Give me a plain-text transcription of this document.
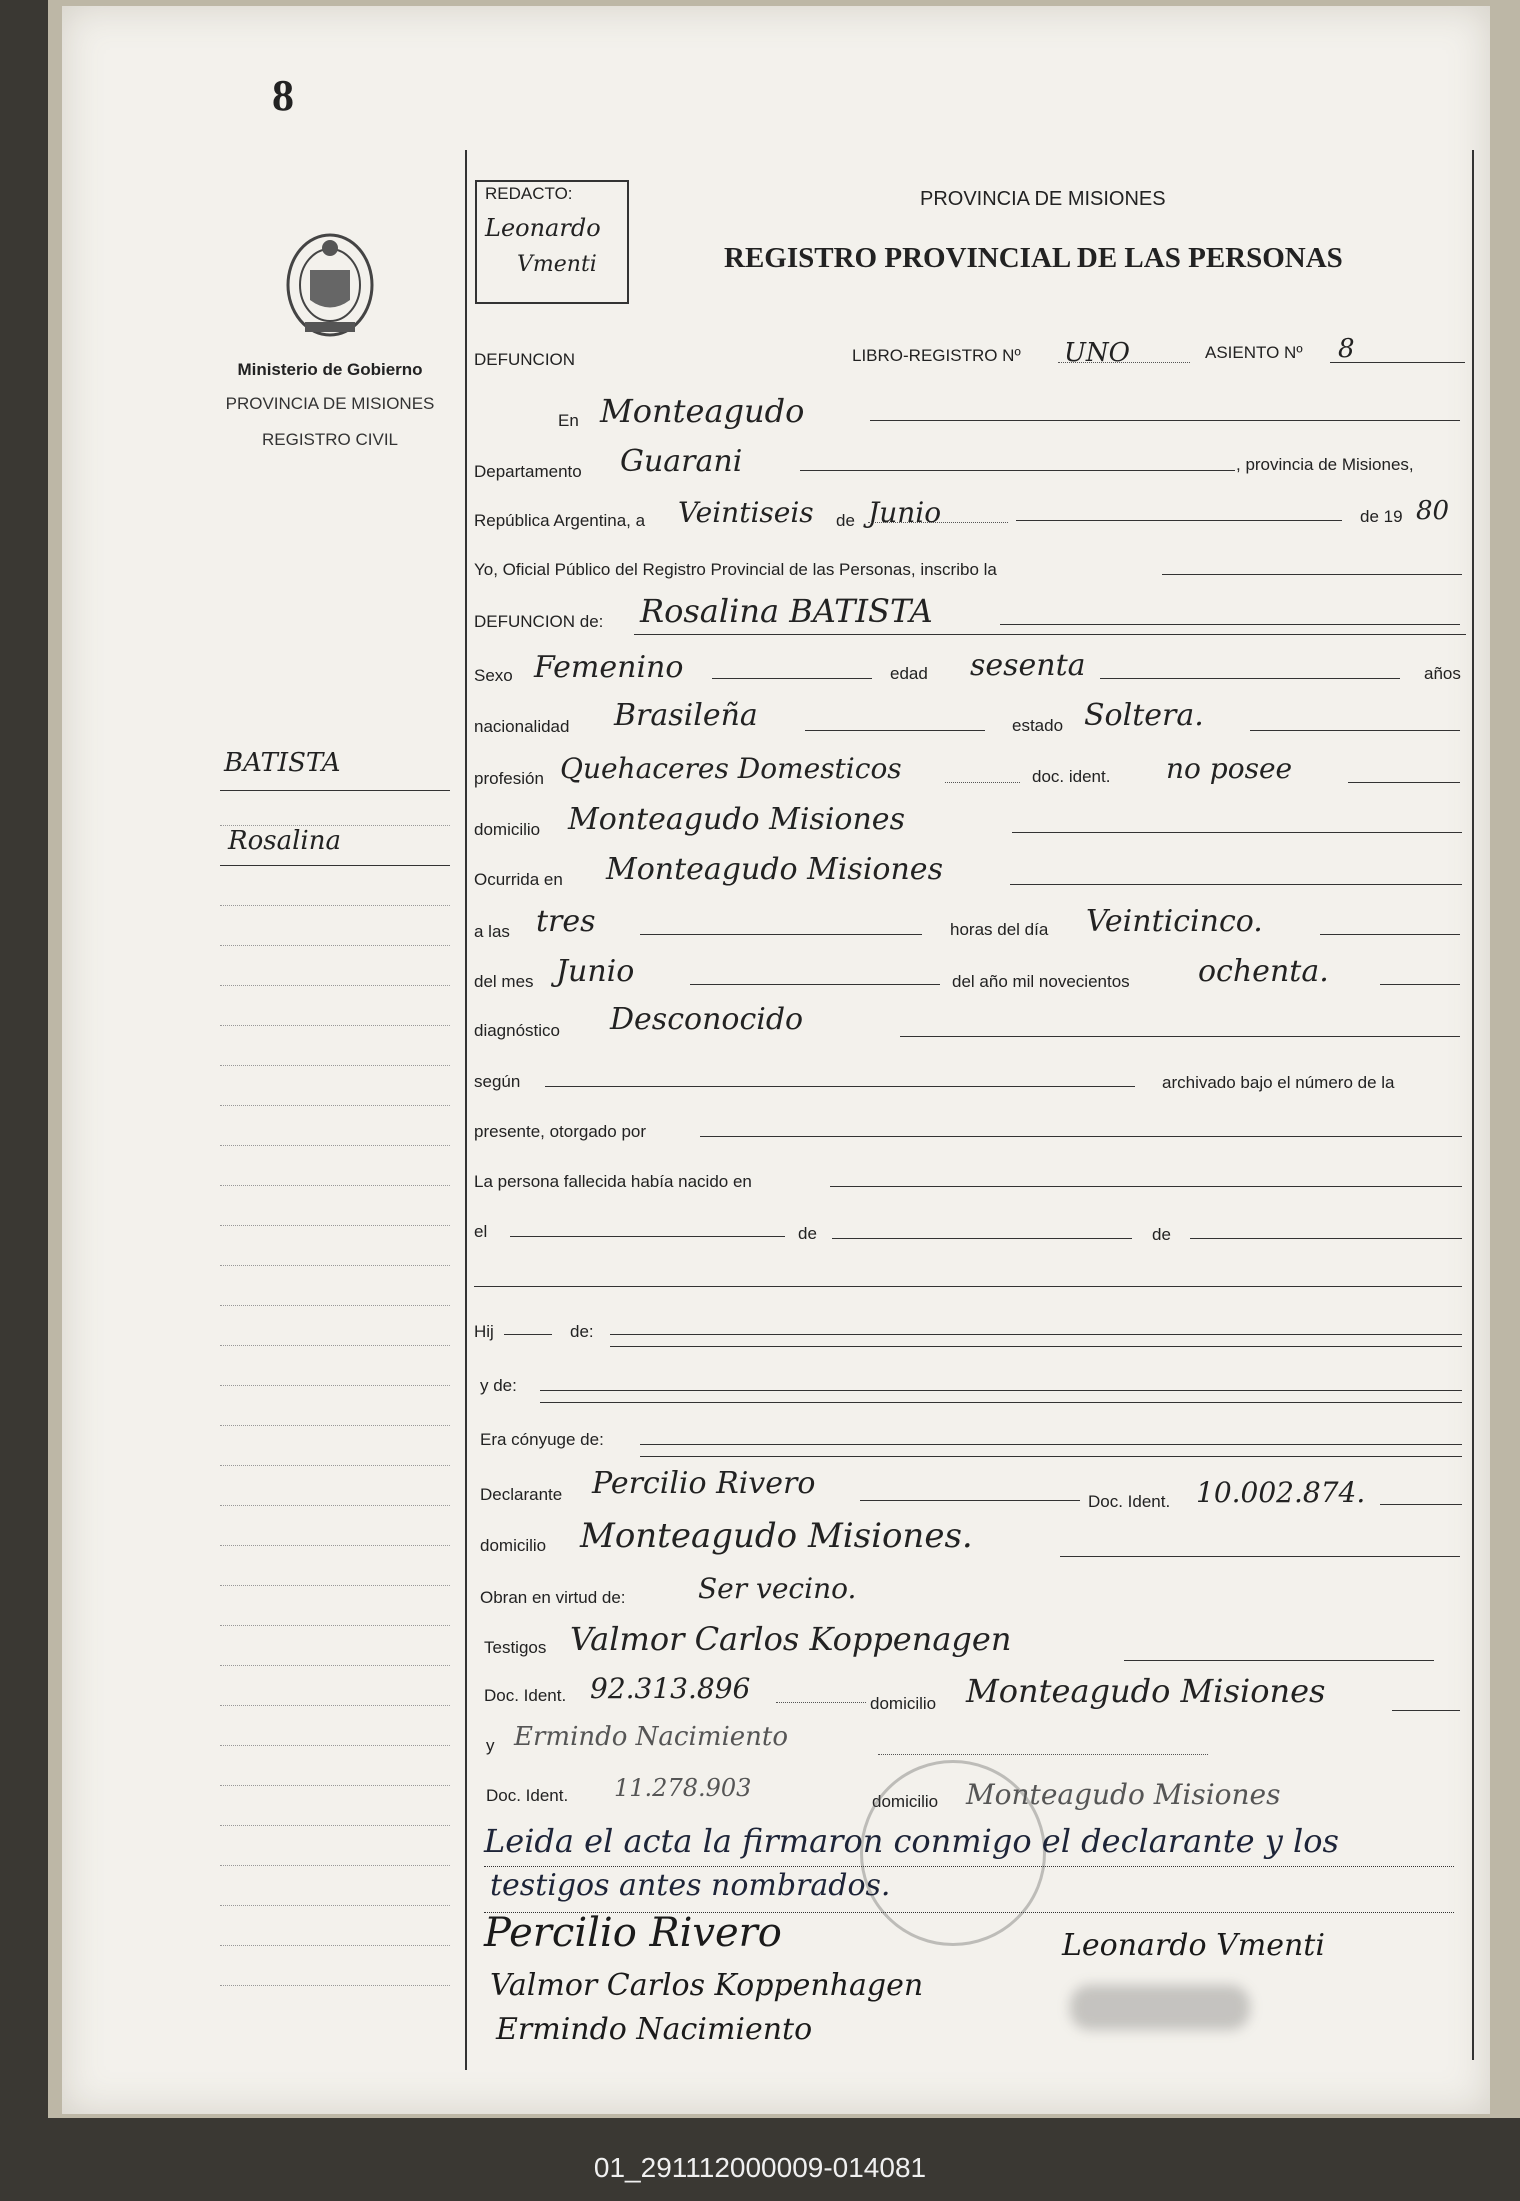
8
Ministerio de Gobierno
PROVINCIA DE MISIONES
REGISTRO CIVIL
BATISTA
Rosalina
REDACTO:
Leonardo
Vmenti
PROVINCIA DE MISIONES
REGISTRO PROVINCIAL DE LAS PERSONAS
DEFUNCION	LIBRO-REGISTRO Nº UNO	ASIENTO Nº 8
En Monteagudo
Departamento Guarani	, provincia de Misiones,
República Argentina, a Veintiseis de Junio	de 19 80
Yo, Oficial Público del Registro Provincial de las Personas, inscribo la
DEFUNCION de: Rosalina BATISTA
Sexo Femenino	edad sesenta	años
nacionalidad Brasileña	estado Soltera.
profesión Quehaceres Domesticos	doc. ident. no posee
domicilio Monteagudo Misiones
Ocurrida en Monteagudo Misiones
a las tres	horas del día Veinticinco.
del mes Junio	del año mil novecientos ochenta.
diagnóstico Desconocido
según	archivado bajo el número de la
presente, otorgado por
La persona fallecida había nacido en
el	de	de
Hij	de:
y de:
Era cónyuge de:
Declarante Percilio Rivero
Doc. Ident. 10.002.874.
domicilio Monteagudo Misiones.
Obran en virtud de:	Ser vecino.
Testigos Valmor Carlos Koppenagen
Doc. Ident. 92.313.896	domicilio Monteagudo Misiones
y Ermindo Nacimiento
Doc. Ident. 11.278.903	domicilio Monteagudo Misiones
Leida el acta la firmaron conmigo el declarante y los
testigos antes nombrados.
Percilio Rivero	Leonardo Vmenti
Valmor Carlos Koppenhagen
Ermindo Nacimiento
01_291112000009-014081
